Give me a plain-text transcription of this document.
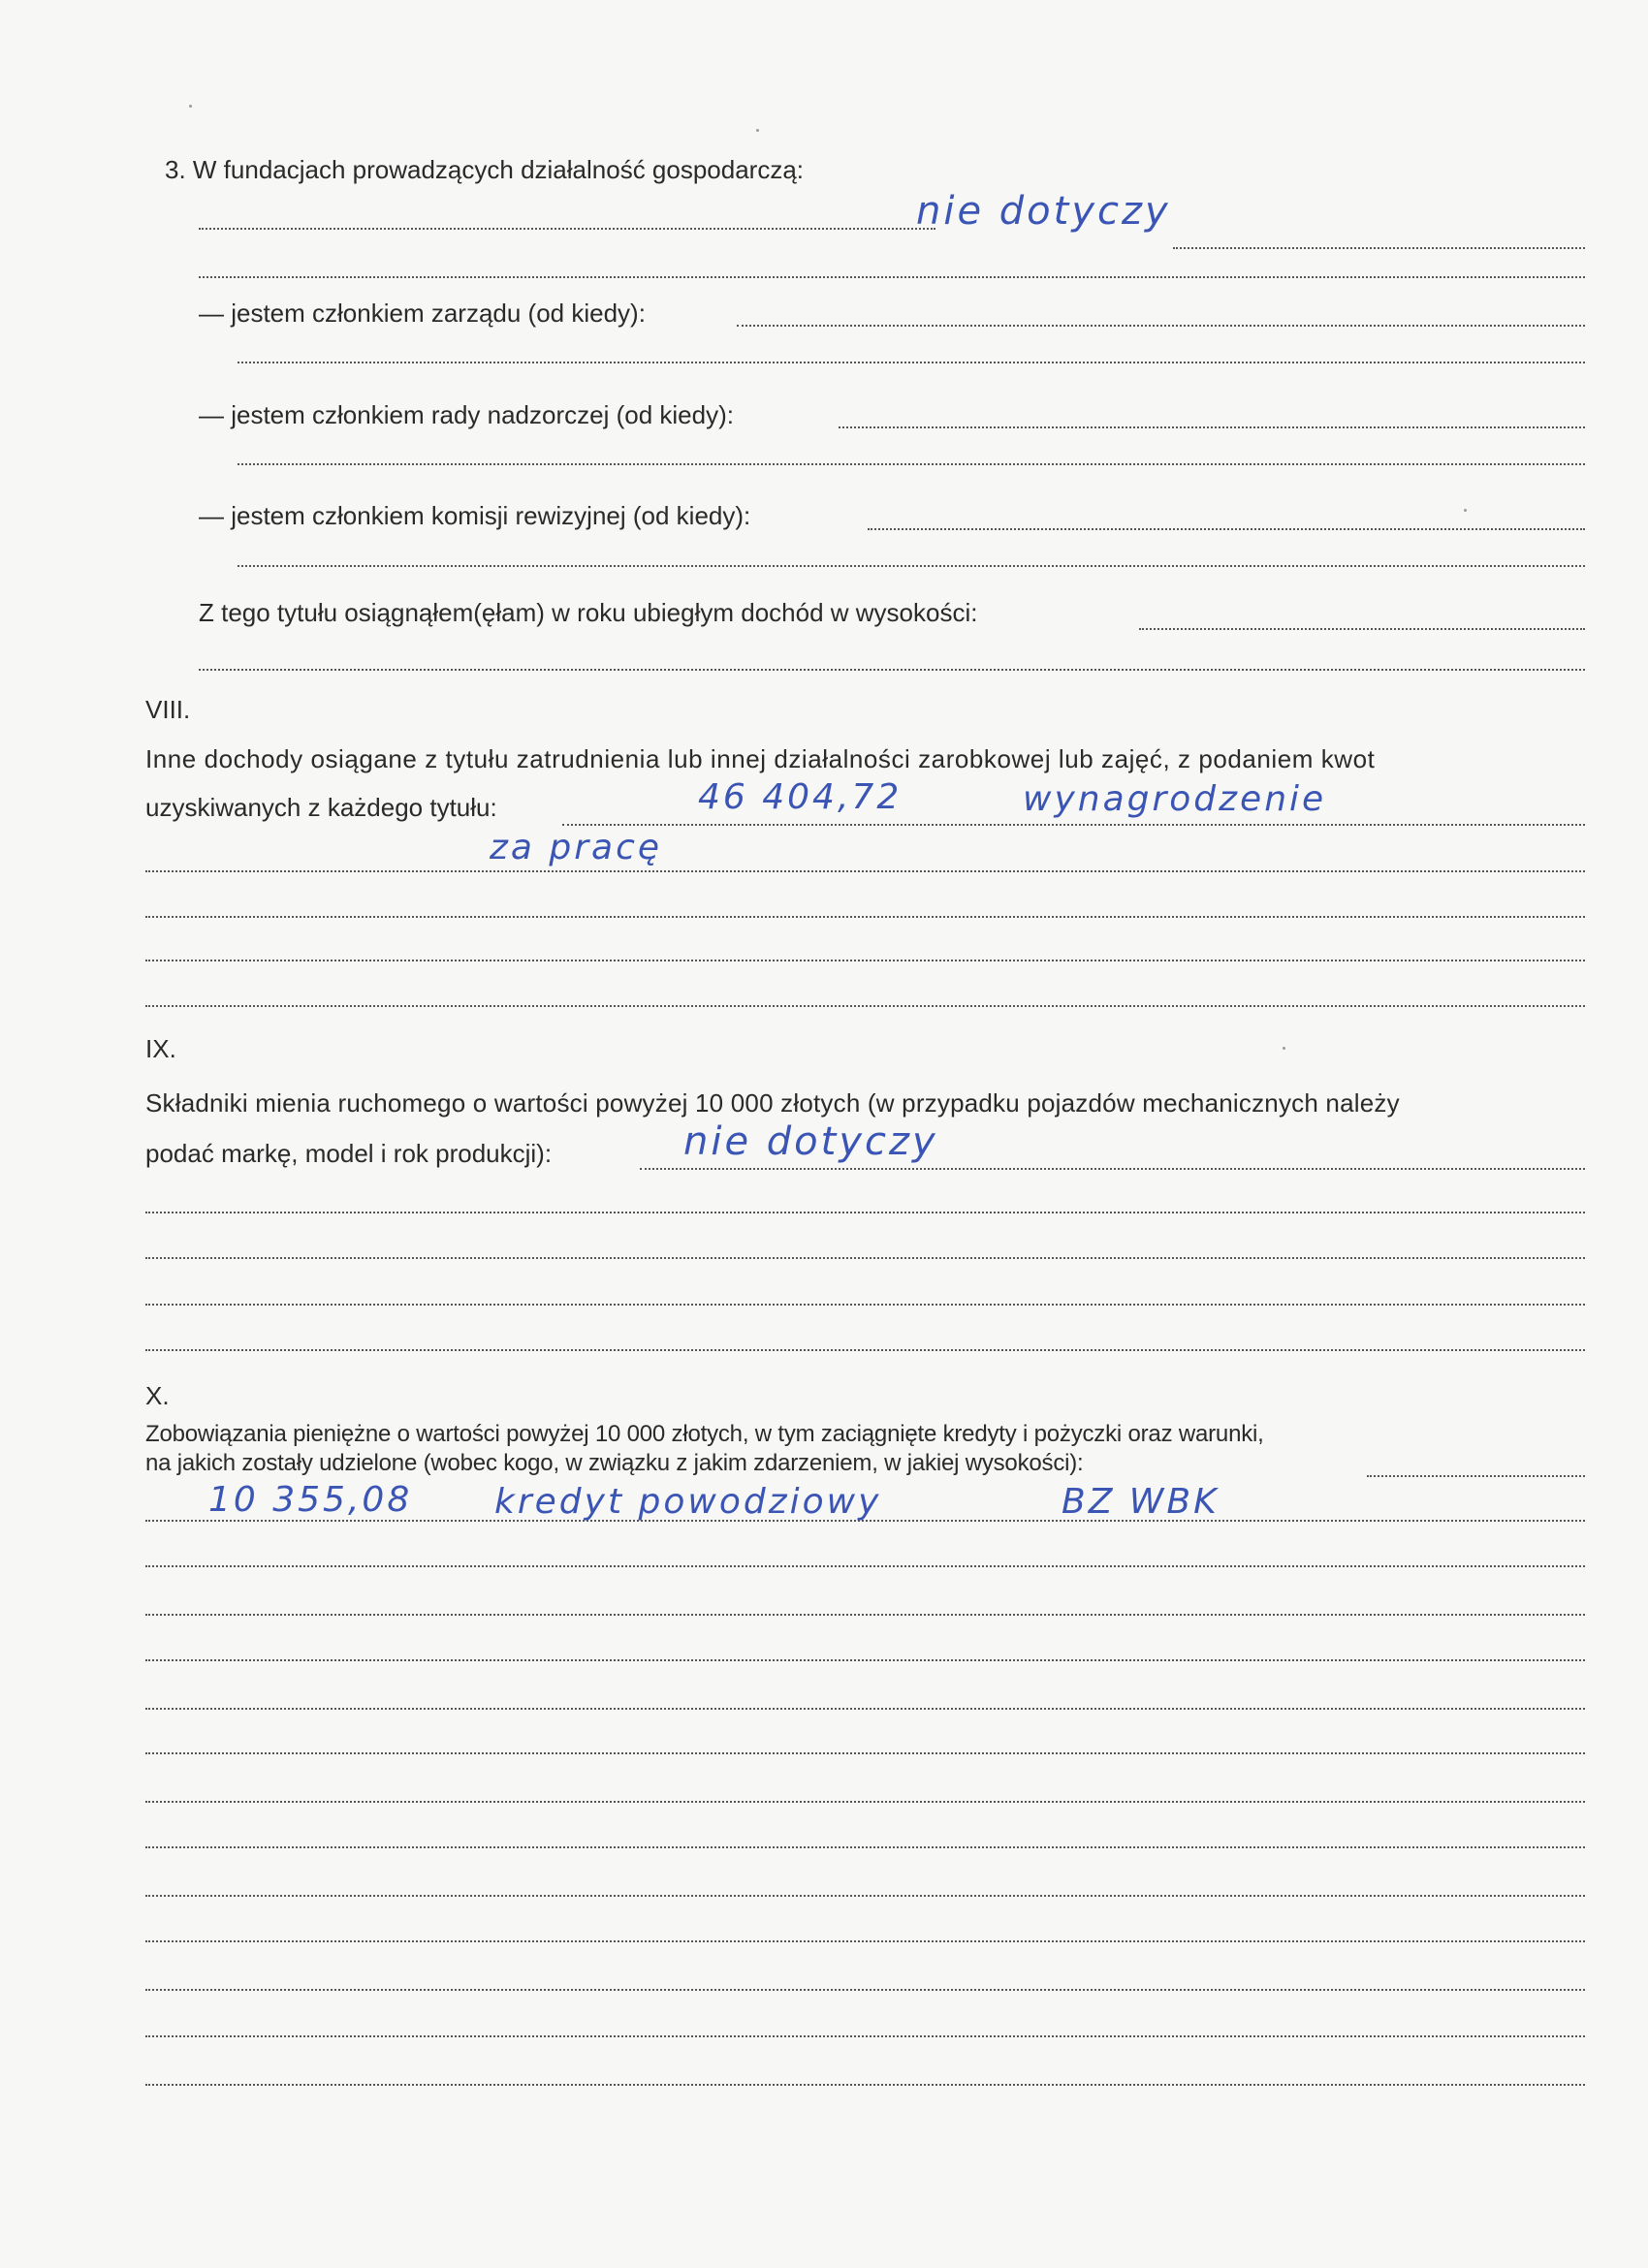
3. W fundacjach prowadzących działalność gospodarczą:
nie dotyczy
— jestem członkiem zarządu (od kiedy):
— jestem członkiem rady nadzorczej (od kiedy):
— jestem członkiem komisji rewizyjnej (od kiedy):
Z tego tytułu osiągnąłem(ęłam) w roku ubiegłym dochód w wysokości:
VIII.
Inne dochody osiągane z tytułu zatrudnienia lub innej działalności zarobkowej lub zajęć, z podaniem kwot
uzyskiwanych z każdego tytułu:	46 404,72	wynagrodzenie
za pracę
IX.
Składniki mienia ruchomego o wartości powyżej 10 000 złotych (w przypadku pojazdów mechanicznych należy
podać markę, model i rok produkcji):	nie dotyczy
X.
Zobowiązania pieniężne o wartości powyżej 10 000 złotych, w tym zaciągnięte kredyty i pożyczki oraz warunki,
na jakich zostały udzielone (wobec kogo, w związku z jakim zdarzeniem, w jakiej wysokości):
10 355,08 kredyt powodziowy	BZ WBK
